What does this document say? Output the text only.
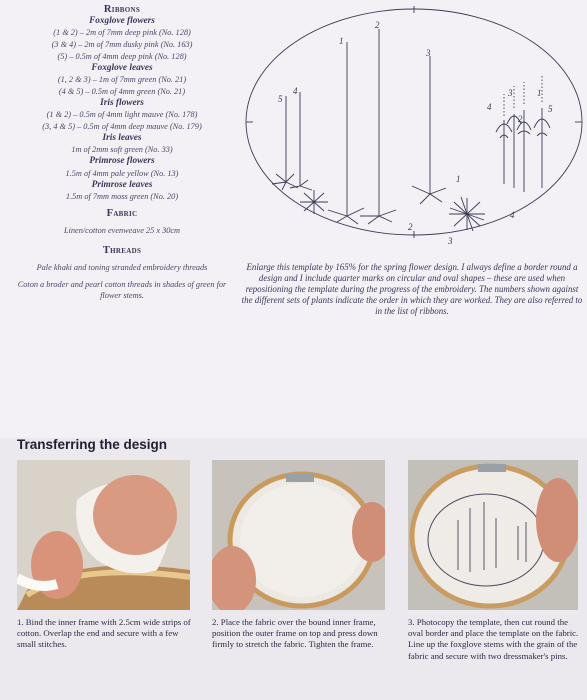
Ribbons
Foxglove flowers
(1 & 2) – 2m of 7mm deep pink (No. 128)
(3 & 4) – 2m of 7mm dusky pink (No. 163)
(5) – 0.5m of 4mm deep pink (No. 128)
Foxglove leaves
(1, 2 & 3) – 1m of 7mm green (No. 21)
(4 & 5) – 0.5m of 4mm green (No. 21)
Iris flowers
(1 & 2) – 0.5m of 4mm light mauve (No. 178)
(3, 4 & 5) – 0.5m of 4mm deep mauve (No. 179)
Iris leaves
1m of 2mm soft green (No. 33)
Primrose flowers
1.5m of 4mm pale yellow (No. 13)
Primrose leaves
1.5m of 7mm moss green (No. 20)
Fabric
Linen/cotton evenweave 25 x 30cm
Threads
Pale khaki and toning stranded embroidery threads
Coton a broder and pearl cotton threads in shades of green for flower stems.
2
1
3
5
4	3
4
2
1
5
1
2
3
4
Enlarge this template by 165% for the spring flower design. I always define a border round a design and I include quarter marks on circular and oval shapes – these are used when repositioning the template during the progress of the embroidery. The numbers shown against the different sets of plants indicate the order in which they are worked. They are also referred to in the list of ribbons.
Transferring the design
1. Bind the inner frame with 2.5cm wide strips of cotton. Overlap the end and secure with a few small stitches.
2. Place the fabric over the bound inner frame, position the outer frame on top and press down firmly to stretch the fabric. Tighten the frame.
3. Photocopy the template, then cut round the oval border and place the template on the fabric. Line up the foxglove stems with the grain of the fabric and secure with two dressmaker's pins.
